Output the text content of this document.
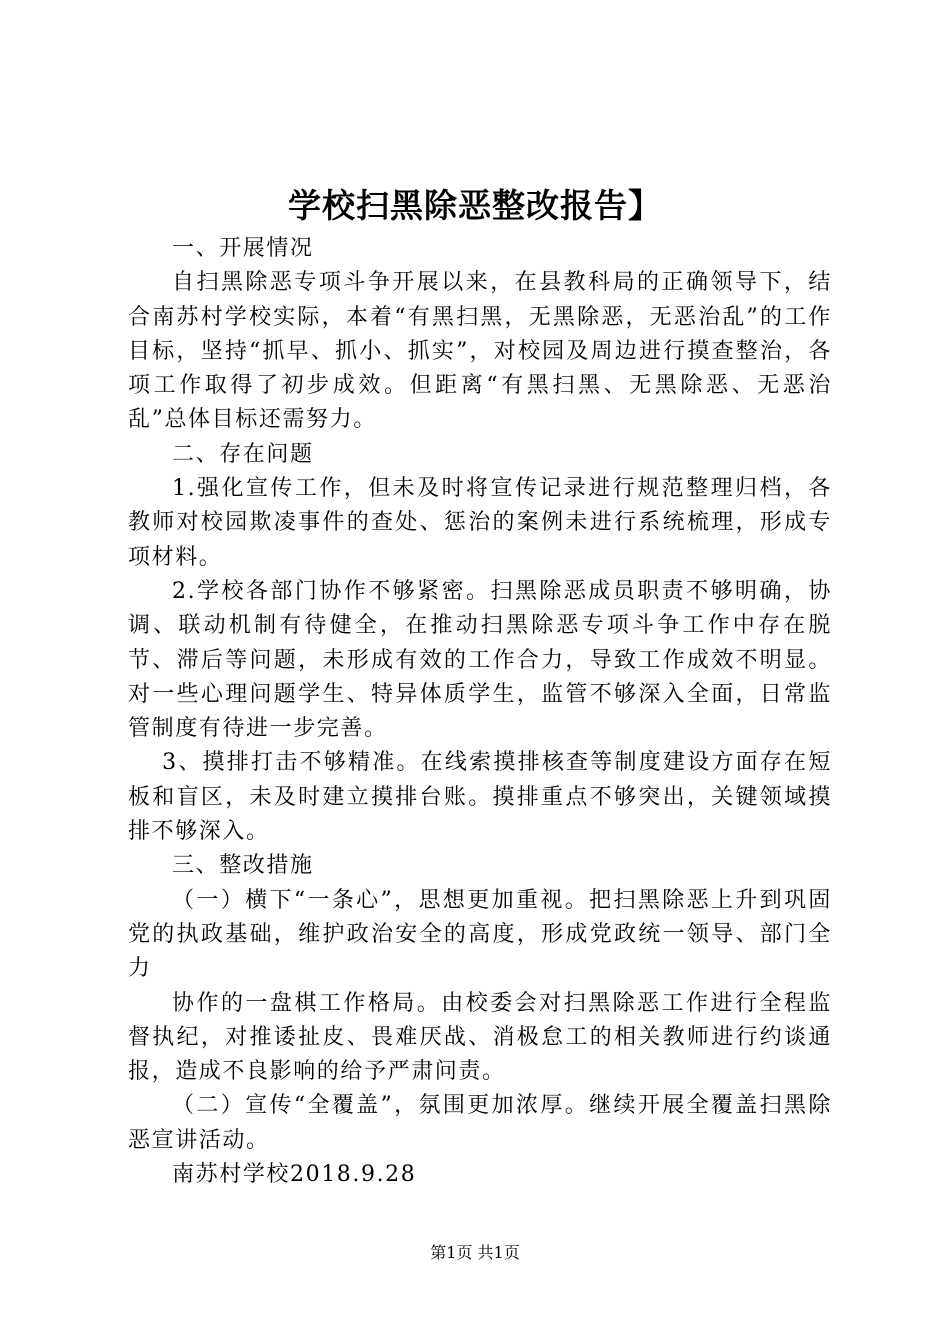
学校扫黑除恶整改报告】

一、开展情况

自扫黑除恶专项斗争开展以来，在县教科局的正确领导下，结合南苏村学校实际，本着“有黑扫黑，无黑除恶，无恶治乱”的工作目标，坚持“抓早、抓小、抓实”，对校园及周边进行摸查整治，各项工作取得了初步成效。但距离“有黑扫黑、无黑除恶、无恶治乱”总体目标还需努力。

二、存在问题

1.强化宣传工作，但未及时将宣传记录进行规范整理归档，各教师对校园欺凌事件的查处、惩治的案例未进行系统梳理，形成专项材料。

2.学校各部门协作不够紧密。扫黑除恶成员职责不够明确，协调、联动机制有待健全，在推动扫黑除恶专项斗争工作中存在脱节、滞后等问题，未形成有效的工作合力，导致工作成效不明显。对一些心理问题学生、特异体质学生，监管不够深入全面，日常监管制度有待进一步完善。

3、摸排打击不够精准。在线索摸排核查等制度建设方面存在短板和盲区，未及时建立摸排台账。摸排重点不够突出，关键领域摸排不够深入。

三、整改措施

（一）横下“一条心”，思想更加重视。把扫黑除恶上升到巩固党的执政基础，维护政治安全的高度，形成党政统一领导、部门全力

协作的一盘棋工作格局。由校委会对扫黑除恶工作进行全程监督执纪，对推诿扯皮、畏难厌战、消极怠工的相关教师进行约谈通报，造成不良影响的给予严肃问责。

（二）宣传“全覆盖”，氛围更加浓厚。继续开展全覆盖扫黑除恶宣讲活动。

南苏村学校2018.9.28

第1页 共1页
